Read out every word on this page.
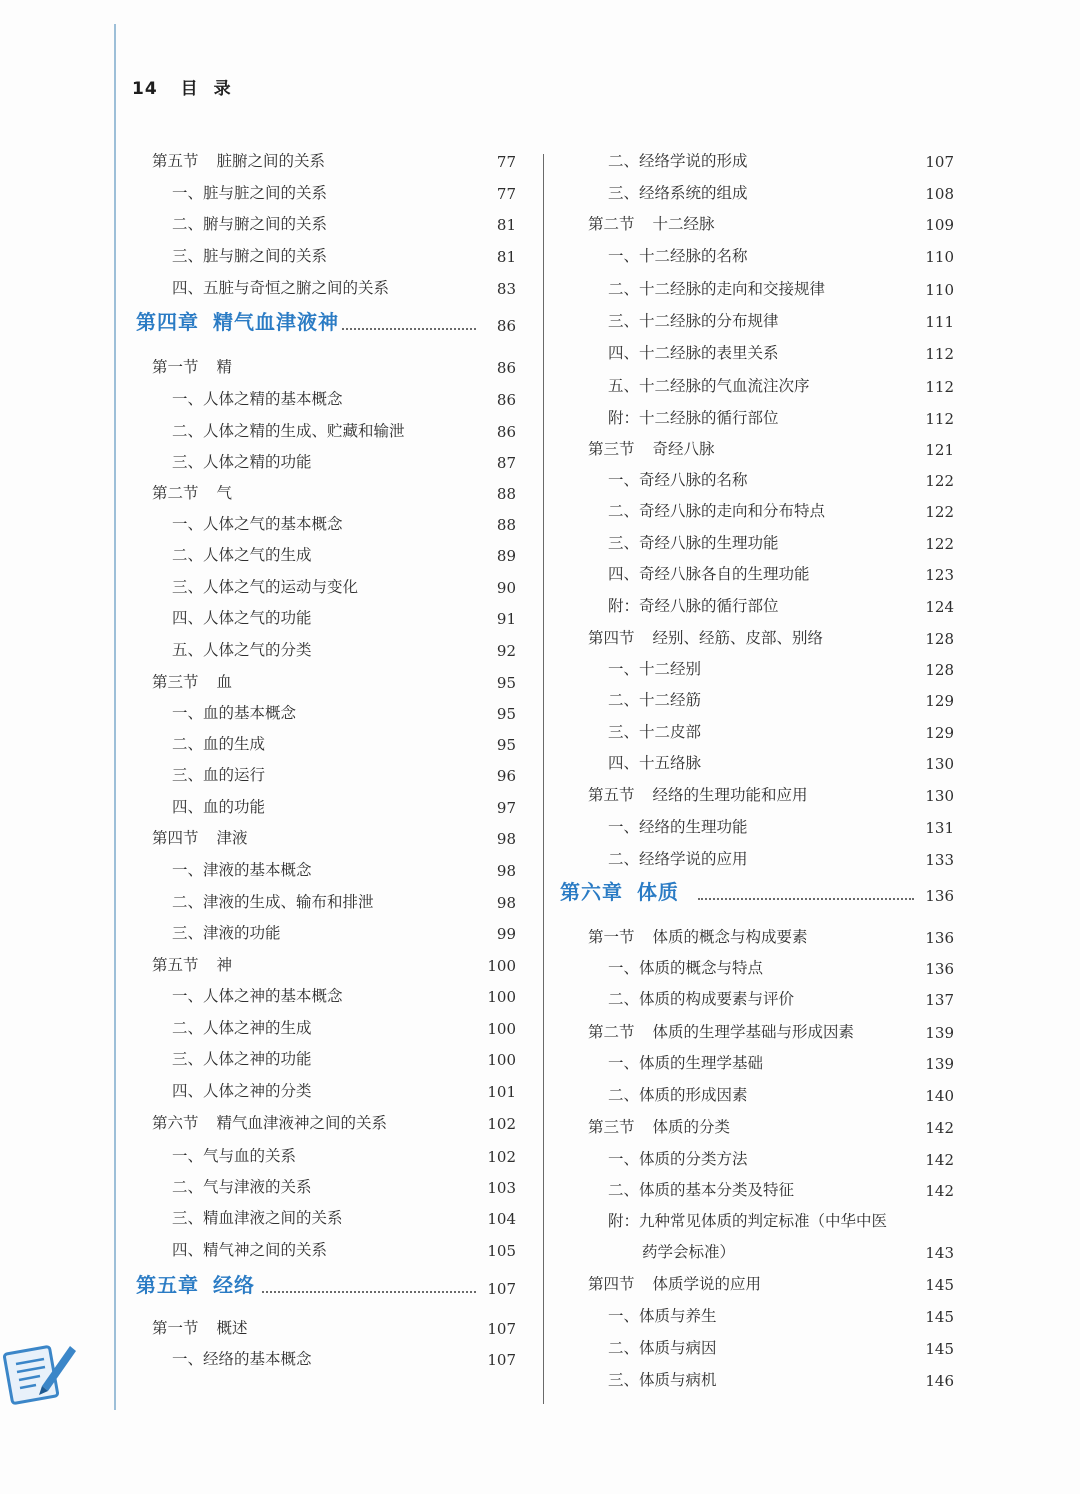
14 目录
第五节 脏腑之间的关系	77
一、脏与脏之间的关系	77
二、腑与腑之间的关系	81
三、脏与腑之间的关系	81
四、五脏与奇恒之腑之间的关系	83
第四章 精气血津液神	86
第一节 精	86
一、人体之精的基本概念	86
二、人体之精的生成、贮藏和输泄	86
三、人体之精的功能	87
第二节 气	88
一、人体之气的基本概念	88
二、人体之气的生成	89
三、人体之气的运动与变化	90
四、人体之气的功能	91
五、人体之气的分类	92
第三节 血	95
一、血的基本概念	95
二、血的生成	95
三、血的运行	96
四、血的功能	97
第四节 津液	98
一、津液的基本概念	98
二、津液的生成、输布和排泄	98
三、津液的功能	99
第五节 神	100
一、人体之神的基本概念	100
二、人体之神的生成	100
三、人体之神的功能	100
四、人体之神的分类	101
第六节 精气血津液神之间的关系	102
一、气与血的关系	102
二、气与津液的关系	103
三、精血津液之间的关系	104
四、精气神之间的关系	105
第五章 经络	107
第一节 概述	107
一、经络的基本概念	107
二、经络学说的形成	107
三、经络系统的组成	108
第二节 十二经脉	109
一、十二经脉的名称	110
二、十二经脉的走向和交接规律	110
三、十二经脉的分布规律	111
四、十二经脉的表里关系	112
五、十二经脉的气血流注次序	112
附：十二经脉的循行部位	112
第三节 奇经八脉	121
一、奇经八脉的名称	122
二、奇经八脉的走向和分布特点	122
三、奇经八脉的生理功能	122
四、奇经八脉各自的生理功能	123
附：奇经八脉的循行部位	124
第四节 经别、经筋、皮部、别络	128
一、十二经别	128
二、十二经筋	129
三、十二皮部	129
四、十五络脉	130
第五节 经络的生理功能和应用	130
一、经络的生理功能	131
二、经络学说的应用	133
第六章 体质	136
第一节 体质的概念与构成要素	136
一、体质的概念与特点	136
二、体质的构成要素与评价	137
第二节 体质的生理学基础与形成因素	139
一、体质的生理学基础	139
二、体质的形成因素	140
第三节 体质的分类	142
一、体质的分类方法	142
二、体质的基本分类及特征	142
附：九种常见体质的判定标准（中华中医
药学会标准）	143
第四节 体质学说的应用	145
一、体质与养生	145
二、体质与病因	145
三、体质与病机	146
